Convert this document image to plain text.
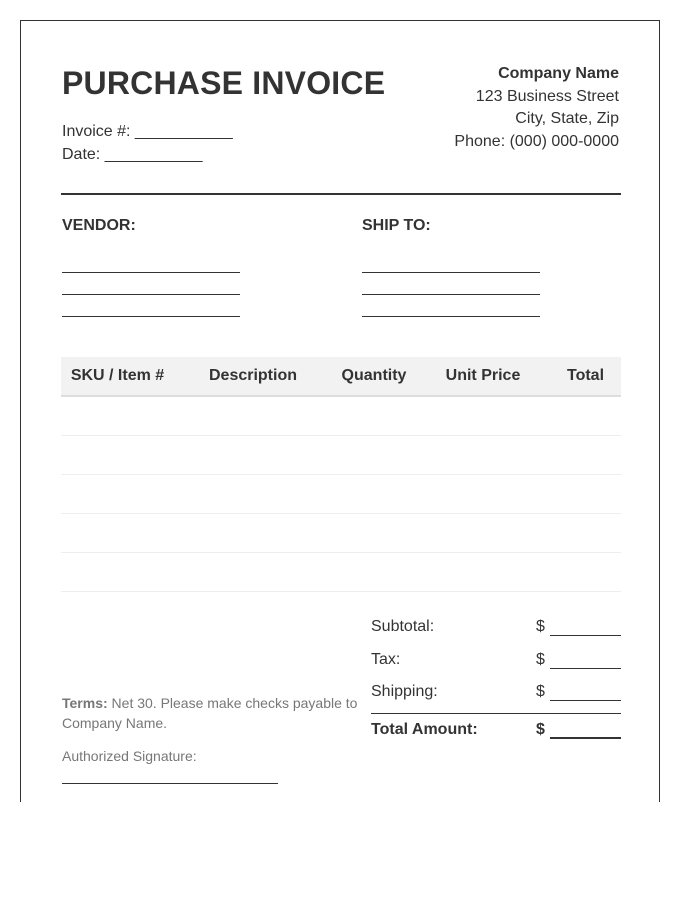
PURCHASE INVOICE
Invoice #: ___________
Date: ___________
Company Name
123 Business Street
City, State, Zip
Phone: (000) 000-0000
VENDOR:	SHIP TO:
SKU / Item #	Description	Quantity	Unit Price	Total

Subtotal:	$
Tax:	$
Shipping:	$
Total Amount:	$
Terms: Net 30. Please make checks payable to Company Name.
Authorized Signature:
